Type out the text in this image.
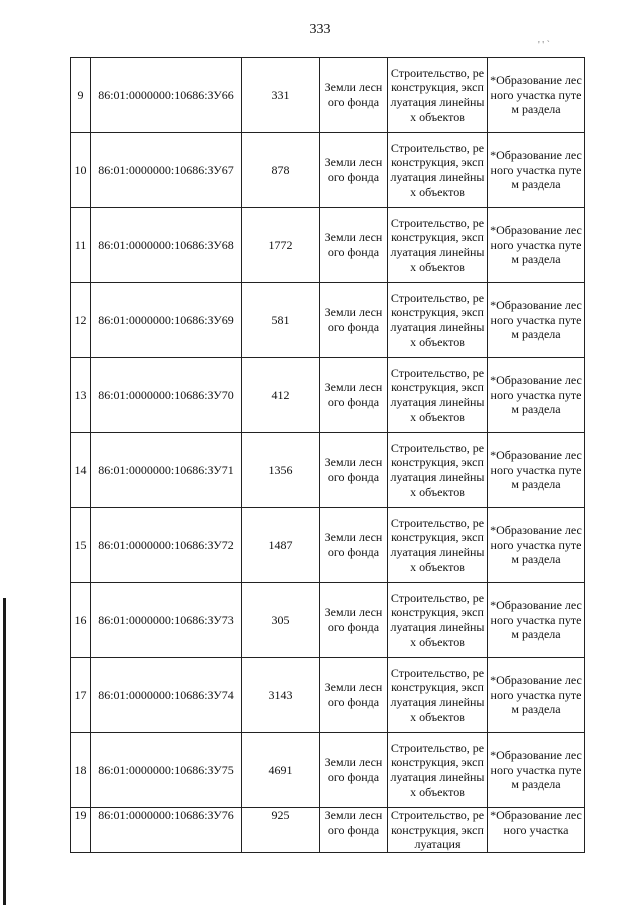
333
' ' `
9	86:01:0000000:10686:ЗУ66	331	Земли лесного фонда	Строительство, реконструкция, эксплуатация линейных объектов	*Образование лесного участка путем раздела
10	86:01:0000000:10686:ЗУ67	878	Земли лесного фонда	Строительство, реконструкция, эксплуатация линейных объектов	*Образование лесного участка путем раздела
11	86:01:0000000:10686:ЗУ68	1772	Земли лесного фонда	Строительство, реконструкция, эксплуатация линейных объектов	*Образование лесного участка путем раздела
12	86:01:0000000:10686:ЗУ69	581	Земли лесного фонда	Строительство, реконструкция, эксплуатация линейных объектов	*Образование лесного участка путем раздела
13	86:01:0000000:10686:ЗУ70	412	Земли лесного фонда	Строительство, реконструкция, эксплуатация линейных объектов	*Образование лесного участка путем раздела
14	86:01:0000000:10686:ЗУ71	1356	Земли лесного фонда	Строительство, реконструкция, эксплуатация линейных объектов	*Образование лесного участка путем раздела
15	86:01:0000000:10686:ЗУ72	1487	Земли лесного фонда	Строительство, реконструкция, эксплуатация линейных объектов	*Образование лесного участка путем раздела
16	86:01:0000000:10686:ЗУ73	305	Земли лесного фонда	Строительство, реконструкция, эксплуатация линейных объектов	*Образование лесного участка путем раздела
17	86:01:0000000:10686:ЗУ74	3143	Земли лесного фонда	Строительство, реконструкция, эксплуатация линейных объектов	*Образование лесного участка путем раздела
18	86:01:0000000:10686:ЗУ75	4691	Земли лесного фонда	Строительство, реконструкция, эксплуатация линейных объектов	*Образование лесного участка путем раздела
19	86:01:0000000:10686:ЗУ76	925	Земли лесного фонда	Строительство, реконструкция, эксплуатация	*Образование лесного участка
